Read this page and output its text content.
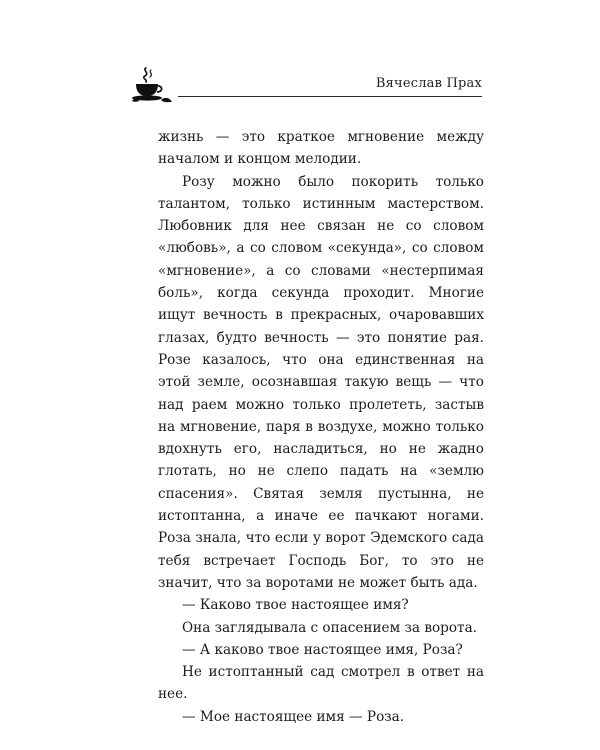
Вячеслав Прах

жизнь — это краткое мгновение между началом и концом мелодии.

Розу можно было покорить только талантом, только истинным мастерством. Любовник для нее связан не со словом «любовь», а со словом «секунда», со словом «мгновение», а со словами «нестерпимая боль», когда секунда проходит. Многие ищут вечность в прекрасных, очаровавших глазах, будто вечность — это понятие рая. Розе казалось, что она единственная на этой земле, осознавшая такую вещь — что над раем можно только пролететь, застыв на мгновение, паря в воздухе, можно только вдохнуть его, насладиться, но не жадно глотать, но не слепо падать на «землю спасения». Святая земля пустынна, не истоптанна, а иначе ее пачкают ногами. Роза знала, что если у ворот Эдемского сада тебя встречает Господь Бог, то это не значит, что за воротами не может быть ада.

— Каково твое настоящее имя?

Она заглядывала с опасением за ворота.

— А каково твое настоящее имя, Роза?

Не истоптанный сад смотрел в ответ на нее.

— Мое настоящее имя — Роза.
